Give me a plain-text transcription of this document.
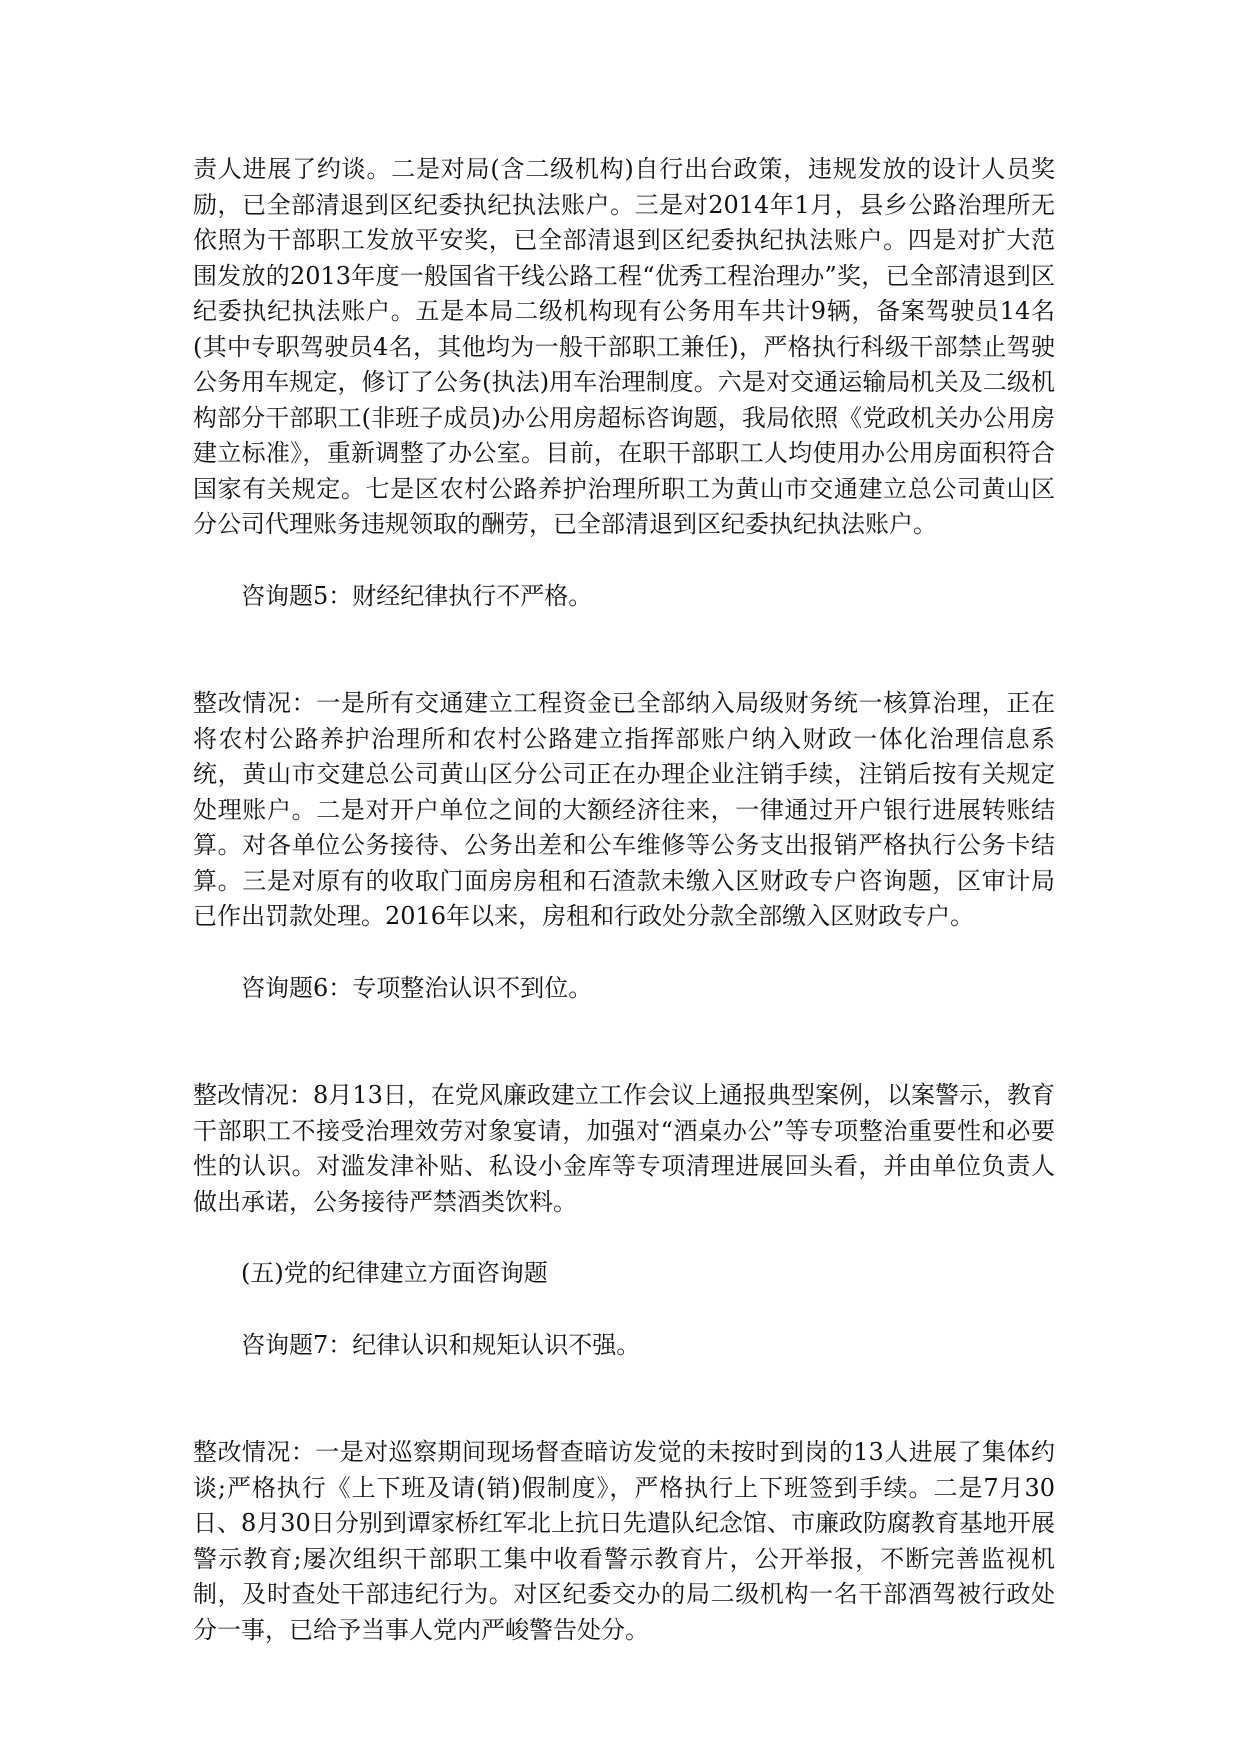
责人进展了约谈。二是对局(含二级机构)自行出台政策，违规发放的设计人员奖励，已全部清退到区纪委执纪执法账户。三是对2014年1月，县乡公路治理所无依照为干部职工发放平安奖，已全部清退到区纪委执纪执法账户。四是对扩大范围发放的2013年度一般国省干线公路工程“优秀工程治理办”奖，已全部清退到区纪委执纪执法账户。五是本局二级机构现有公务用车共计9辆，备案驾驶员14名(其中专职驾驶员4名，其他均为一般干部职工兼任)，严格执行科级干部禁止驾驶公务用车规定，修订了公务(执法)用车治理制度。六是对交通运输局机关及二级机构部分干部职工(非班子成员)办公用房超标咨询题，我局依照《党政机关办公用房建立标准》，重新调整了办公室。目前，在职干部职工人均使用办公用房面积符合国家有关规定。七是区农村公路养护治理所职工为黄山市交通建立总公司黄山区分公司代理账务违规领取的酬劳，已全部清退到区纪委执纪执法账户。

咨询题5：财经纪律执行不严格。

整改情况：一是所有交通建立工程资金已全部纳入局级财务统一核算治理，正在将农村公路养护治理所和农村公路建立指挥部账户纳入财政一体化治理信息系统，黄山市交建总公司黄山区分公司正在办理企业注销手续，注销后按有关规定处理账户。二是对开户单位之间的大额经济往来，一律通过开户银行进展转账结算。对各单位公务接待、公务出差和公车维修等公务支出报销严格执行公务卡结算。三是对原有的收取门面房房租和石渣款未缴入区财政专户咨询题，区审计局已作出罚款处理。2016年以来，房租和行政处分款全部缴入区财政专户。

咨询题6：专项整治认识不到位。

整改情况：8月13日，在党风廉政建立工作会议上通报典型案例，以案警示，教育干部职工不接受治理效劳对象宴请，加强对“酒桌办公”等专项整治重要性和必要性的认识。对滥发津补贴、私设小金库等专项清理进展回头看，并由单位负责人做出承诺，公务接待严禁酒类饮料。

(五)党的纪律建立方面咨询题

咨询题7：纪律认识和规矩认识不强。

整改情况：一是对巡察期间现场督查暗访发觉的未按时到岗的13人进展了集体约谈;严格执行《上下班及请(销)假制度》，严格执行上下班签到手续。二是7月30日、8月30日分别到谭家桥红军北上抗日先遣队纪念馆、市廉政防腐教育基地开展警示教育;屡次组织干部职工集中收看警示教育片，公开举报，不断完善监视机制，及时查处干部违纪行为。对区纪委交办的局二级机构一名干部酒驾被行政处分一事，已给予当事人党内严峻警告处分。
